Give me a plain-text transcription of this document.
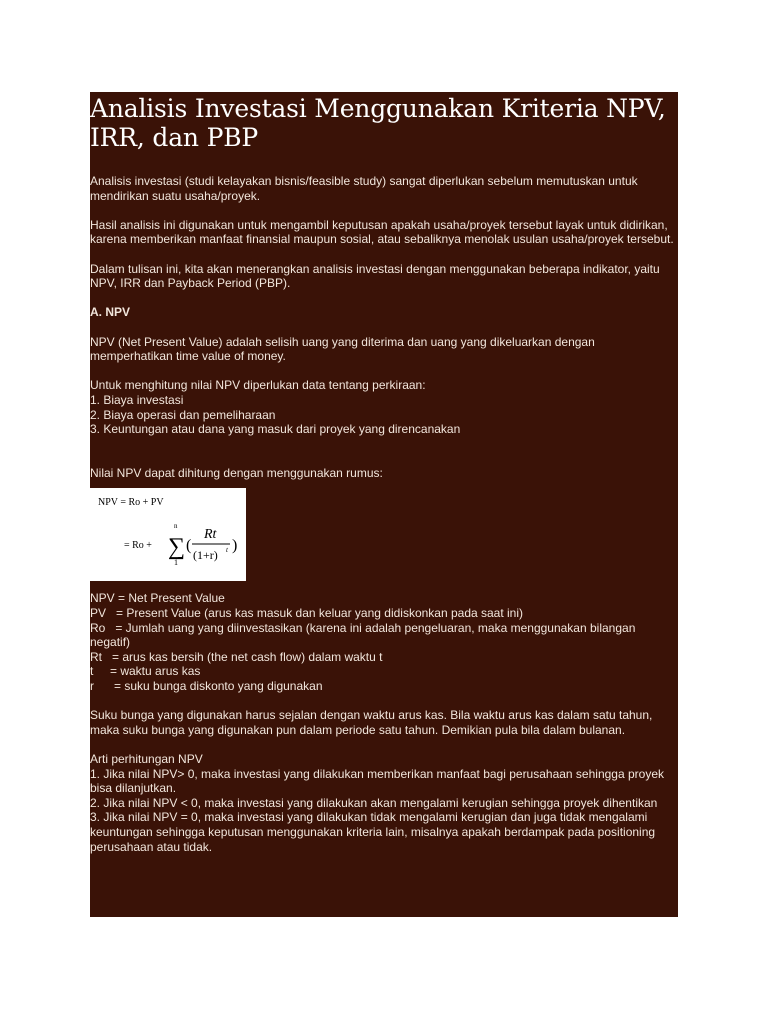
Analisis Investasi Menggunakan Kriteria NPV, IRR, dan PBP

Analisis investasi (studi kelayakan bisnis/feasible study) sangat diperlukan sebelum memutuskan untuk mendirikan suatu usaha/proyek.

Hasil analisis ini digunakan untuk mengambil keputusan apakah usaha/proyek tersebut layak untuk didirikan, karena memberikan manfaat finansial maupun sosial, atau sebaliknya menolak usulan usaha/proyek tersebut.

Dalam tulisan ini, kita akan menerangkan analisis investasi dengan menggunakan beberapa indikator, yaitu NPV, IRR dan Payback Period (PBP).

A. NPV

NPV (Net Present Value) adalah selisih uang yang diterima dan uang yang dikeluarkan dengan memperhatikan time value of money.

Untuk menghitung nilai NPV diperlukan data tentang perkiraan:

1. Biaya investasi

2. Biaya operasi dan pemeliharaan

3. Keuntungan atau dana yang masuk dari proyek yang direncanakan

Nilai NPV dapat dihitung dengan menggunakan rumus:

NPV = Ro + PV
= Ro +
n
∑
1
(
Rt
(1+r) t )

NPV = Net Present Value

PV   = Present Value (arus kas masuk dan keluar yang didiskonkan pada saat ini)

Ro   = Jumlah uang yang diinvestasikan (karena ini adalah pengeluaran, maka menggunakan bilangan negatif)

Rt   = arus kas bersih (the net cash flow) dalam waktu t

t     = waktu arus kas

r      = suku bunga diskonto yang digunakan

Suku bunga yang digunakan harus sejalan dengan waktu arus kas. Bila waktu arus kas dalam satu tahun, maka suku bunga yang digunakan pun dalam periode satu tahun. Demikian pula bila dalam bulanan.

Arti perhitungan NPV

1. Jika nilai NPV> 0, maka investasi yang dilakukan memberikan manfaat bagi perusahaan sehingga proyek bisa dilanjutkan.

2. Jika nilai NPV < 0, maka investasi yang dilakukan akan mengalami kerugian sehingga proyek dihentikan

3. Jika nilai NPV = 0, maka investasi yang dilakukan tidak mengalami kerugian dan juga tidak mengalami keuntungan sehingga keputusan menggunakan kriteria lain, misalnya apakah berdampak pada positioning perusahaan atau tidak.
